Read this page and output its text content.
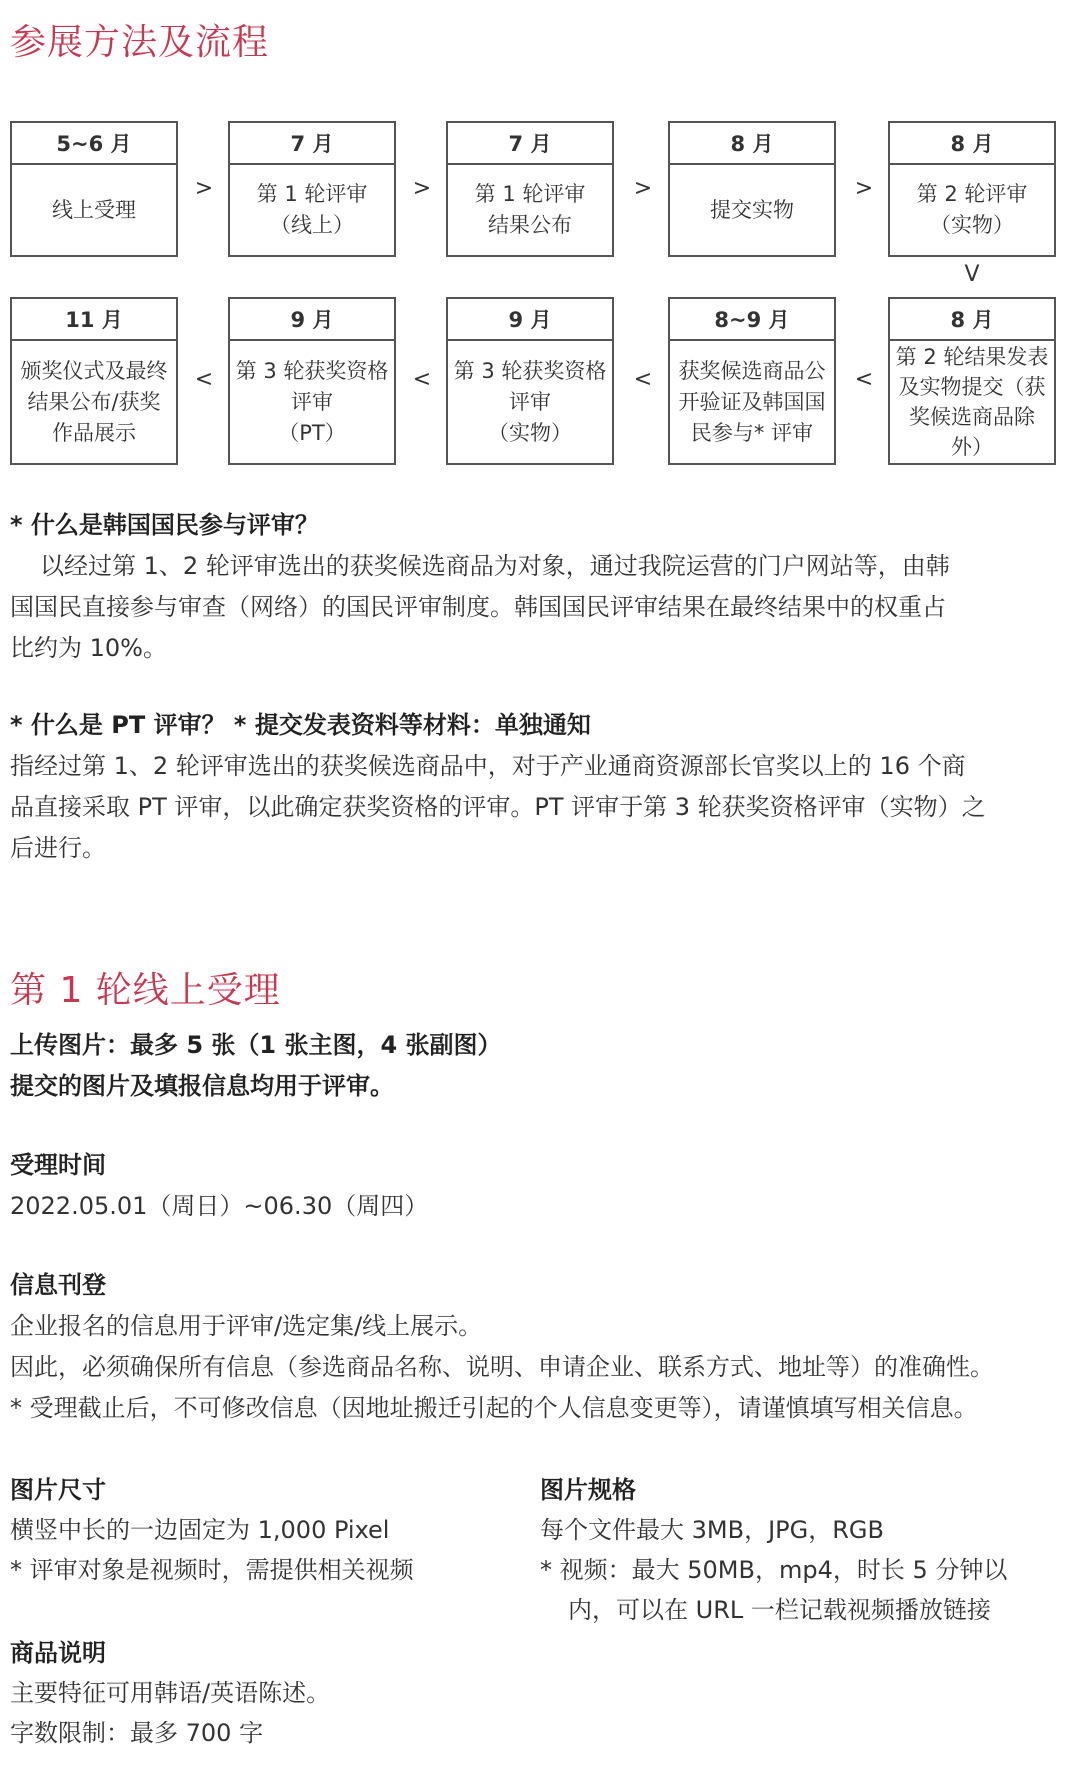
参展方法及流程
5~6 月
线上受理
7 月
第 1 轮评审
（线上）
7 月
第 1 轮评审
结果公布
8 月
提交实物
8 月
第 2 轮评审
（实物）
>	>	>	>
V
11 月
颁奖仪式及最终
结果公布/获奖
作品展示
9 月
第 3 轮获奖资格
评审
（PT）
9 月
第 3 轮获奖资格
评审
（实物）
8~9 月
获奖候选商品公
开验证及韩国国
民参与* 评审
8 月
第 2 轮结果发表
及实物提交（获
奖候选商品除
外）
<	<	<	<
* 什么是韩国国民参与评审？
以经过第 1、2 轮评审选出的获奖候选商品为对象，通过我院运营的门户网站等，由韩
国国民直接参与审查（网络）的国民评审制度。韩国国民评审结果在最终结果中的权重占
比约为 10%。
* 什么是 PT 评审？ * 提交发表资料等材料：单独通知
指经过第 1、2 轮评审选出的获奖候选商品中，对于产业通商资源部长官奖以上的 16 个商
品直接采取 PT 评审，以此确定获奖资格的评审。PT 评审于第 3 轮获奖资格评审（实物）之
后进行。
第 1 轮线上受理
上传图片：最多 5 张（1 张主图，4 张副图）
提交的图片及填报信息均用于评审。
受理时间
2022.05.01（周日）~06.30（周四）
信息刊登
企业报名的信息用于评审/选定集/线上展示。
因此，必须确保所有信息（参选商品名称、说明、申请企业、联系方式、地址等）的准确性。
* 受理截止后，不可修改信息（因地址搬迁引起的个人信息变更等），请谨慎填写相关信息。
图片尺寸
横竖中长的一边固定为 1,000 Pixel
* 评审对象是视频时，需提供相关视频
图片规格
每个文件最大 3MB，JPG，RGB
* 视频：最大 50MB，mp4，时长 5 分钟以
内，可以在 URL 一栏记载视频播放链接
商品说明
主要特征可用韩语/英语陈述。
字数限制：最多 700 字
